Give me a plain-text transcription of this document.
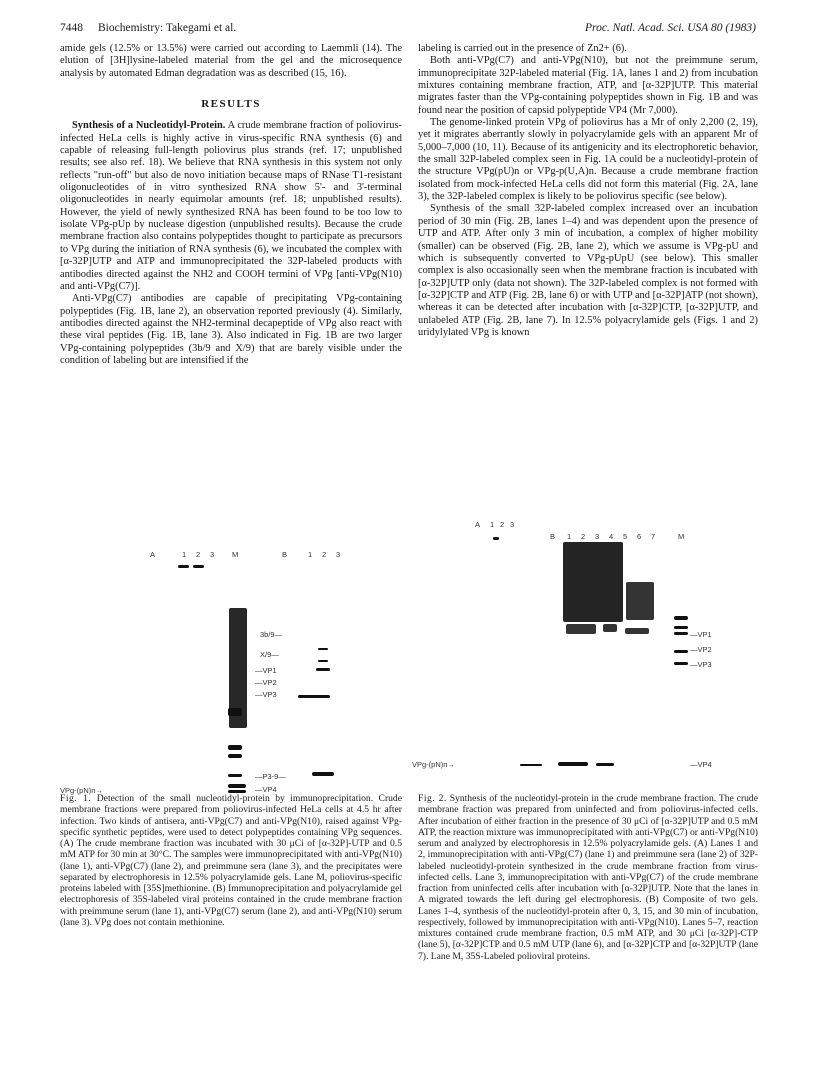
7448 Biochemistry: Takegami et al.	Proc. Natl. Acad. Sci. USA 80 (1983)

amide gels (12.5% or 13.5%) were carried out according to Laemmli (14). The elution of [3H]lysine-labeled material from the gel and the microsequence analysis by automated Edman degradation was as described (15, 16).

RESULTS

Synthesis of a Nucleotidyl-Protein. A crude membrane fraction of poliovirus-infected HeLa cells is highly active in virus-specific RNA synthesis (6) and capable of releasing full-length poliovirus plus strands (ref. 17; unpublished results; see also ref. 18). We believe that RNA synthesis in this system not only reflects "run-off" but also de novo initiation because maps of RNase T1-resistant oligonucleotides of in vitro synthesized RNA show 5'- and 3'-terminal oligonucleotides in nearly equimolar amounts (ref. 18; unpublished results). However, the yield of newly synthesized RNA has been found to be too low to isolate VPg-pUp by nuclease digestion (unpublished results). Because the crude membrane fraction also contains polypeptides thought to participate as precursors to VPg during the initiation of RNA synthesis (6), we incubated the complex with [α-32P]UTP and ATP and immunoprecipitated the 32P-labeled products with antibodies directed against the NH2 and COOH termini of VPg [anti-VPg(N10) and anti-VPg(C7)].

Anti-VPg(C7) antibodies are capable of precipitating VPg-containing polypeptides (Fig. 1B, lane 2), an observation reported previously (4). Similarly, antibodies directed against the NH2-terminal decapeptide of VPg also react with these viral peptides (Fig. 1B, lane 3). Also indicated in Fig. 1B are two larger VPg-containing polypeptides (3b/9 and X/9) that are barely visible under the condition of labeling but are intensified if the

labeling is carried out in the presence of Zn2+ (6).

Both anti-VPg(C7) and anti-VPg(N10), but not the preimmune serum, immunoprecipitate 32P-labeled material (Fig. 1A, lanes 1 and 2) from incubation mixtures containing membrane fraction, ATP, and [α-32P]UTP. This material migrates faster than the VPg-containing polypeptides shown in Fig. 1B and was found near the position of capsid polypeptide VP4 (Mr 7,000).

The genome-linked protein VPg of poliovirus has a Mr of only 2,200 (2, 19), yet it migrates aberrantly slowly in polyacrylamide gels with an apparent Mr of 5,000–7,000 (10, 11). Because of its antigenicity and its electrophoretic behavior, the small 32P-labeled complex seen in Fig. 1A could be a nucleotidyl-protein of the structure VPg(pU)n or VPg-p(U,A)n. Because a crude membrane fraction isolated from mock-infected HeLa cells did not form this material (Fig. 2A, lane 3), the 32P-labeled complex is likely to be poliovirus specific (see below).

Synthesis of the small 32P-labeled complex increased over an incubation period of 30 min (Fig. 2B, lanes 1–4) and was dependent upon the presence of UTP and ATP. After only 3 min of incubation, a complex of higher mobility (smaller) can be observed (Fig. 2B, lane 2), which we assume is VPg-pU and which is subsequently converted to VPg-pUpU (see below). This smaller complex is also occasionally seen when the membrane fraction is incubated with [α-32P]UTP only (data not shown). The 32P-labeled complex is not formed with [α-32P]CTP and ATP (Fig. 2B, lane 6) or with UTP and [α-32P]ATP (not shown), whereas it can be detected after incubation with [α-32P]CTP, [α-32P]UTP, and unlabeled ATP (Fig. 2B, lane 7). In 12.5% polyacrylamide gels (Figs. 1 and 2) uridylylated VPg is known

A	1 2 3 M	B	1 2 3
3b/9—
X/9—
—VP1
—VP2
—VP3
—P3-9—
—VP4
VPg-(pN)n→
A 1 2 3
B 1 2 3 4 5 6 7	M
—VP1
—VP2
—VP3
—VP4
VPg-(pN)n→
Fig. 1. Detection of the small nucleotidyl-protein by immunoprecipitation. Crude membrane fractions were prepared from poliovirus-infected HeLa cells at 4.5 hr after infection. Two kinds of antisera, anti-VPg(C7) and anti-VPg(N10), raised against VPg-specific synthetic peptides, were used to detect polypeptides containing VPg sequences. (A) The crude membrane fraction was incubated with 30 μCi of [α-32P]-UTP and 0.5 mM ATP for 30 min at 30°C. The samples were immunoprecipitated with anti-VPg(N10) (lane 1), anti-VPg(C7) (lane 2), and preimmune sera (lane 3), and the precipitates were separated by electrophoresis in 12.5% polyacrylamide gels. Lane M, poliovirus-specific proteins labeled with [35S]methionine. (B) Immunoprecipitation and polyacrylamide gel electrophoresis of 35S-labeled viral proteins contained in the crude membrane fraction with preimmune serum (lane 1), anti-VPg(C7) serum (lane 2), and anti-VPg(N10) serum (lane 3). VPg does not contain methionine.
Fig. 2. Synthesis of the nucleotidyl-protein in the crude membrane fraction. The crude membrane fraction was prepared from uninfected and from poliovirus-infected cells. After incubation of either fraction in the presence of 30 μCi of [α-32P]UTP and 0.5 mM ATP, the reaction mixture was immunoprecipitated with anti-VPg(C7) or anti-VPg(N10) serum and analyzed by electrophoresis in 12.5% polyacrylamide gels. (A) Lanes 1 and 2, immunoprecipitation with anti-VPg(C7) (lane 1) and preimmune sera (lane 2) of 32P-labeled nucleotidyl-protein synthesized in the crude membrane fraction from virus-infected cells. Lane 3, immunoprecipitation with anti-VPg(C7) of the crude membrane fraction from uninfected cells after incubation with [α-32P]UTP. Note that the lanes in A migrated towards the left during gel electrophoresis. (B) Composite of two gels. Lanes 1–4, synthesis of the nucleotidyl-protein after 0, 3, 15, and 30 min of incubation, respectively, followed by immunoprecipitation with anti-VPg(N10). Lanes 5–7, reaction mixtures contained crude membrane fraction, 0.5 mM ATP, and 30 μCi [α-32P]-CTP (lane 5), [α-32P]CTP and 0.5 mM UTP (lane 6), and [α-32P]CTP and [α-32P]UTP (lane 7). Lane M, 35S-Labeled polioviral proteins.
